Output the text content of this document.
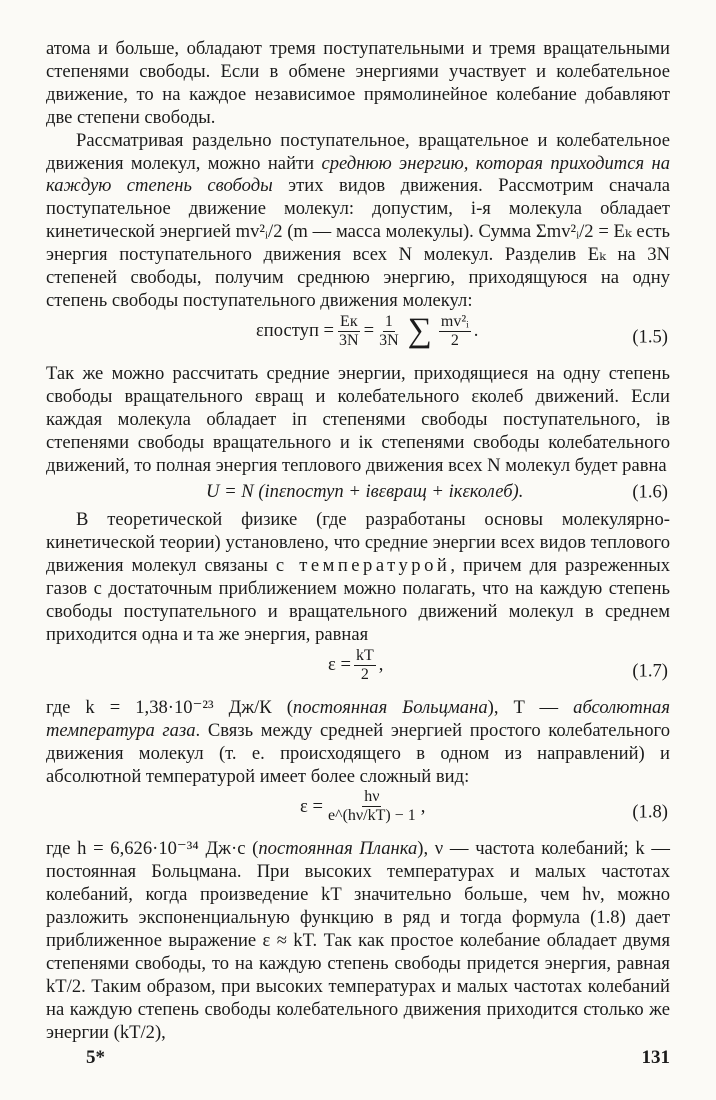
атома и больше, обладают тремя поступательными и тремя вращательными степенями свободы. Если в обмене энергиями участвует и колебательное движение, то на каждое независимое прямолинейное колебание добавляют две степени свободы.

Рассматривая раздельно поступательное, вращательное и колебательное движения молекул, можно найти среднюю энергию, которая приходится на каждую степень свободы этих видов движения. Рассмотрим сначала поступательное движение молекул: допустим, i-я молекула обладает кинетической энергией mv²ᵢ/2 (m — масса молекулы). Сумма Σmv²ᵢ/2 = Eₖ есть энергия поступательного движения всех N молекул. Разделив Eₖ на 3N степеней свободы, получим среднюю энергию, приходящуюся на одну степень свободы поступательного движения молекул:

εпоступ = Eк
$3N = \frac{1}{3N}$ ∑ $\frac{\text{mv²ᵢ}}{2}$ .	(1.5)

Так же можно рассчитать средние энергии, приходящиеся на одну степень свободы вращательного εвращ и колебательного εколеб движений. Если каждая молекула обладает iп степенями свободы поступательного, iв степенями свободы вращательного и iк степенями свободы колебательного движений, то полная энергия теплового движения всех N молекул будет равна

U = N (iпεпоступ + iвεвращ + iкεколеб).	(1.6)

В теоретической физике (где разработаны основы молекулярно-кинетической теории) установлено, что средние энергии всех видов теплового движения молекул связаны с температурой, причем для разреженных газов с достаточным приближением можно полагать, что на каждую степень свободы поступательного и вращательного движений молекул в среднем приходится одна и та же энергия, равная

$\varepsilon = \frac{kT}{2}$ ,	(1.7)

где k = 1,38·10⁻²³ Дж/К (постоянная Больцмана), T — абсолютная температура газа. Связь между средней энергией простого колебательного движения молекул (т. е. происходящего в одном из направлений) и абсолютной температурой имеет более сложный вид:

$\varepsilon = \frac{h\nu}{e\^{}(h\nu/kT) - 1}$ ,	(1.8)

где h = 6,626·10⁻³⁴ Дж·с (постоянная Планка), ν — частота колебаний; k — постоянная Больцмана. При высоких температурах и малых частотах колебаний, когда произведение kT значительно больше, чем hν, можно разложить экспоненциальную функцию в ряд и тогда формула (1.8) дает приближенное выражение ε ≈ kT. Так как простое колебание обладает двумя степенями свободы, то на каждую степень свободы придется энергия, равная kT/2. Таким образом, при высоких температурах и малых частотах колебаний на каждую степень свободы колебательного движения приходится столько же энергии (kT/2),

5*	131
